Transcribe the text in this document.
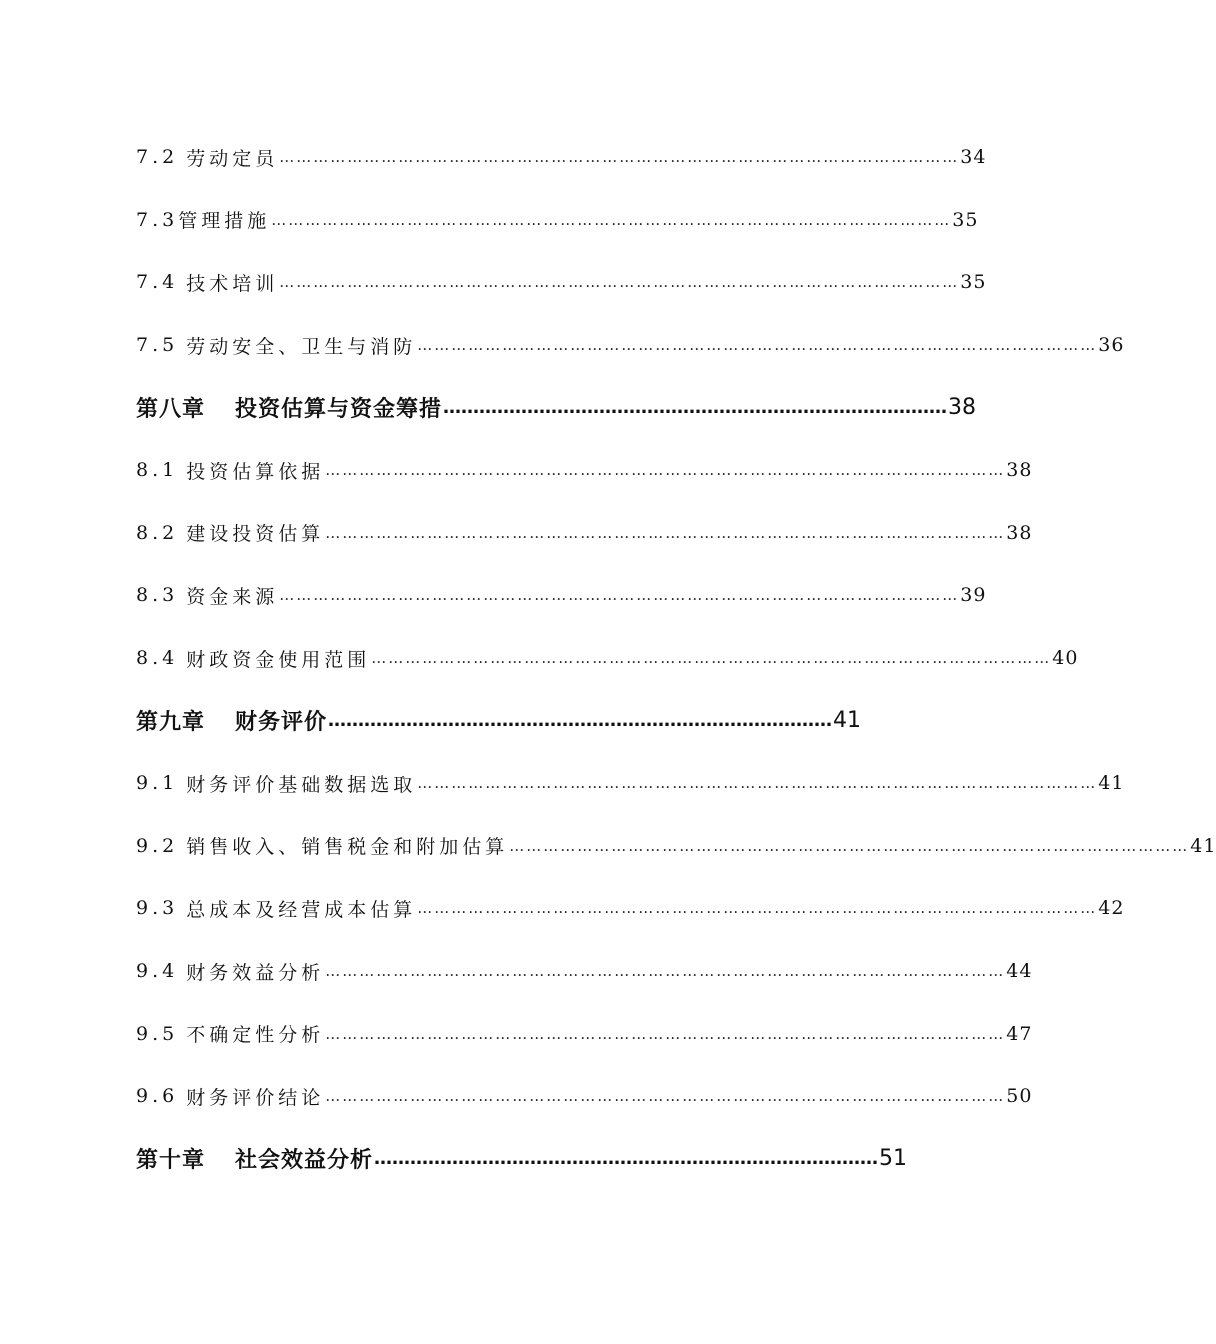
7.2 劳动定员 ………………………………………………………………………………………………………… 34
7.3 管理措施 ………………………………………………………………………………………………………… 35
7.4 技术培训 ………………………………………………………………………………………………………… 35
7.5 劳动安全、卫生与消防 ………………………………………………………………………………………………………… 36
第八章 投资估算与资金筹措 ………………………………………………………………………… 38
8.1 投资估算依据 ………………………………………………………………………………………………………… 38
8.2 建设投资估算 ………………………………………………………………………………………………………… 38
8.3 资金来源 ………………………………………………………………………………………………………… 39
8.4 财政资金使用范围 ………………………………………………………………………………………………………… 40
第九章 财务评价 ………………………………………………………………………… 41
9.1 财务评价基础数据选取 ………………………………………………………………………………………………………… 41
9.2 销售收入、销售税金和附加估算 ………………………………………………………………………………………………………… 41
9.3 总成本及经营成本估算 ………………………………………………………………………………………………………… 42
9.4 财务效益分析 ………………………………………………………………………………………………………… 44
9.5 不确定性分析 ………………………………………………………………………………………………………… 47
9.6 财务评价结论 ………………………………………………………………………………………………………… 50
第十章 社会效益分析 ………………………………………………………………………… 51
